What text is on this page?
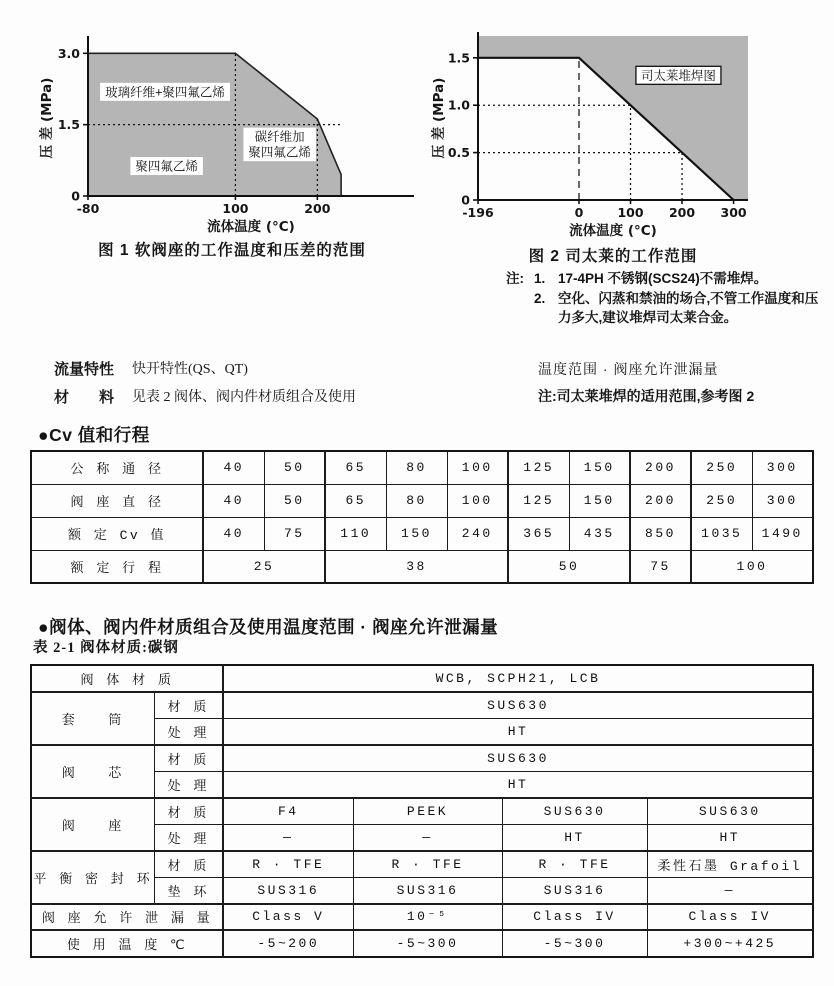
0
1.5
3.0
-80	100	200
玻璃纤维+聚四氟乙烯
碳纤维加聚四氟乙烯
聚四氟乙烯
压 差 (MPa)
流体温度 (°C)
图 1 软阀座的工作温度和压差的范围
0
0.5
1.0
1.5
-196	0	100 200 300
司太莱堆焊图
压 差 (MPa)
流体温度 (°C)
图 2 司太莱的工作范围
注: 1. 17-4PH 不锈钢(SCS24)不需堆焊。
2. 空化、闪蒸和禁油的场合,不管工作温度和压力多大,建议堆焊司太莱合金。
流量特性 快开特性(QS、QT)
材　　料 见表 2 阀体、阀内件材质组合及使用
温度范围 · 阀座允许泄漏量
注:司太莱堆焊的适用范围,参考图 2
●Cv 值和行程
公 称 通 径	40	50	65	80	100	125	150	200	250	300
阀 座 直 径	40	50	65	80	100	125	150	200	250	300
额 定 Cv 值	40	75	110	150	240	365	435	850	1035	1490
额 定 行 程	25		38			50		75	100	
●阀体、阀内件材质组合及使用温度范围 · 阀座允许泄漏量
表 2-1 阀体材质:碳钢
阀 体 材 质		WCB, SCPH21, LCB			
套　　筒	材 质	SUS630			
	处 理	HT			
阀　　芯	材 质	SUS630			
	处 理	HT			
阀　　座	材 质	F4	PEEK	SUS630	SUS630
	处 理	—	—	HT	HT
平 衡 密 封 环	材 质	R · TFE	R · TFE	R · TFE	柔性石墨 Grafoil
	垫 环	SUS316	SUS316	SUS316	—
阀 座 允 许 泄 漏 量		Class V	10⁻⁵	Class IV	Class IV
使 用 温 度 ℃		-5~200	-5~300	-5~300	+300~+425
